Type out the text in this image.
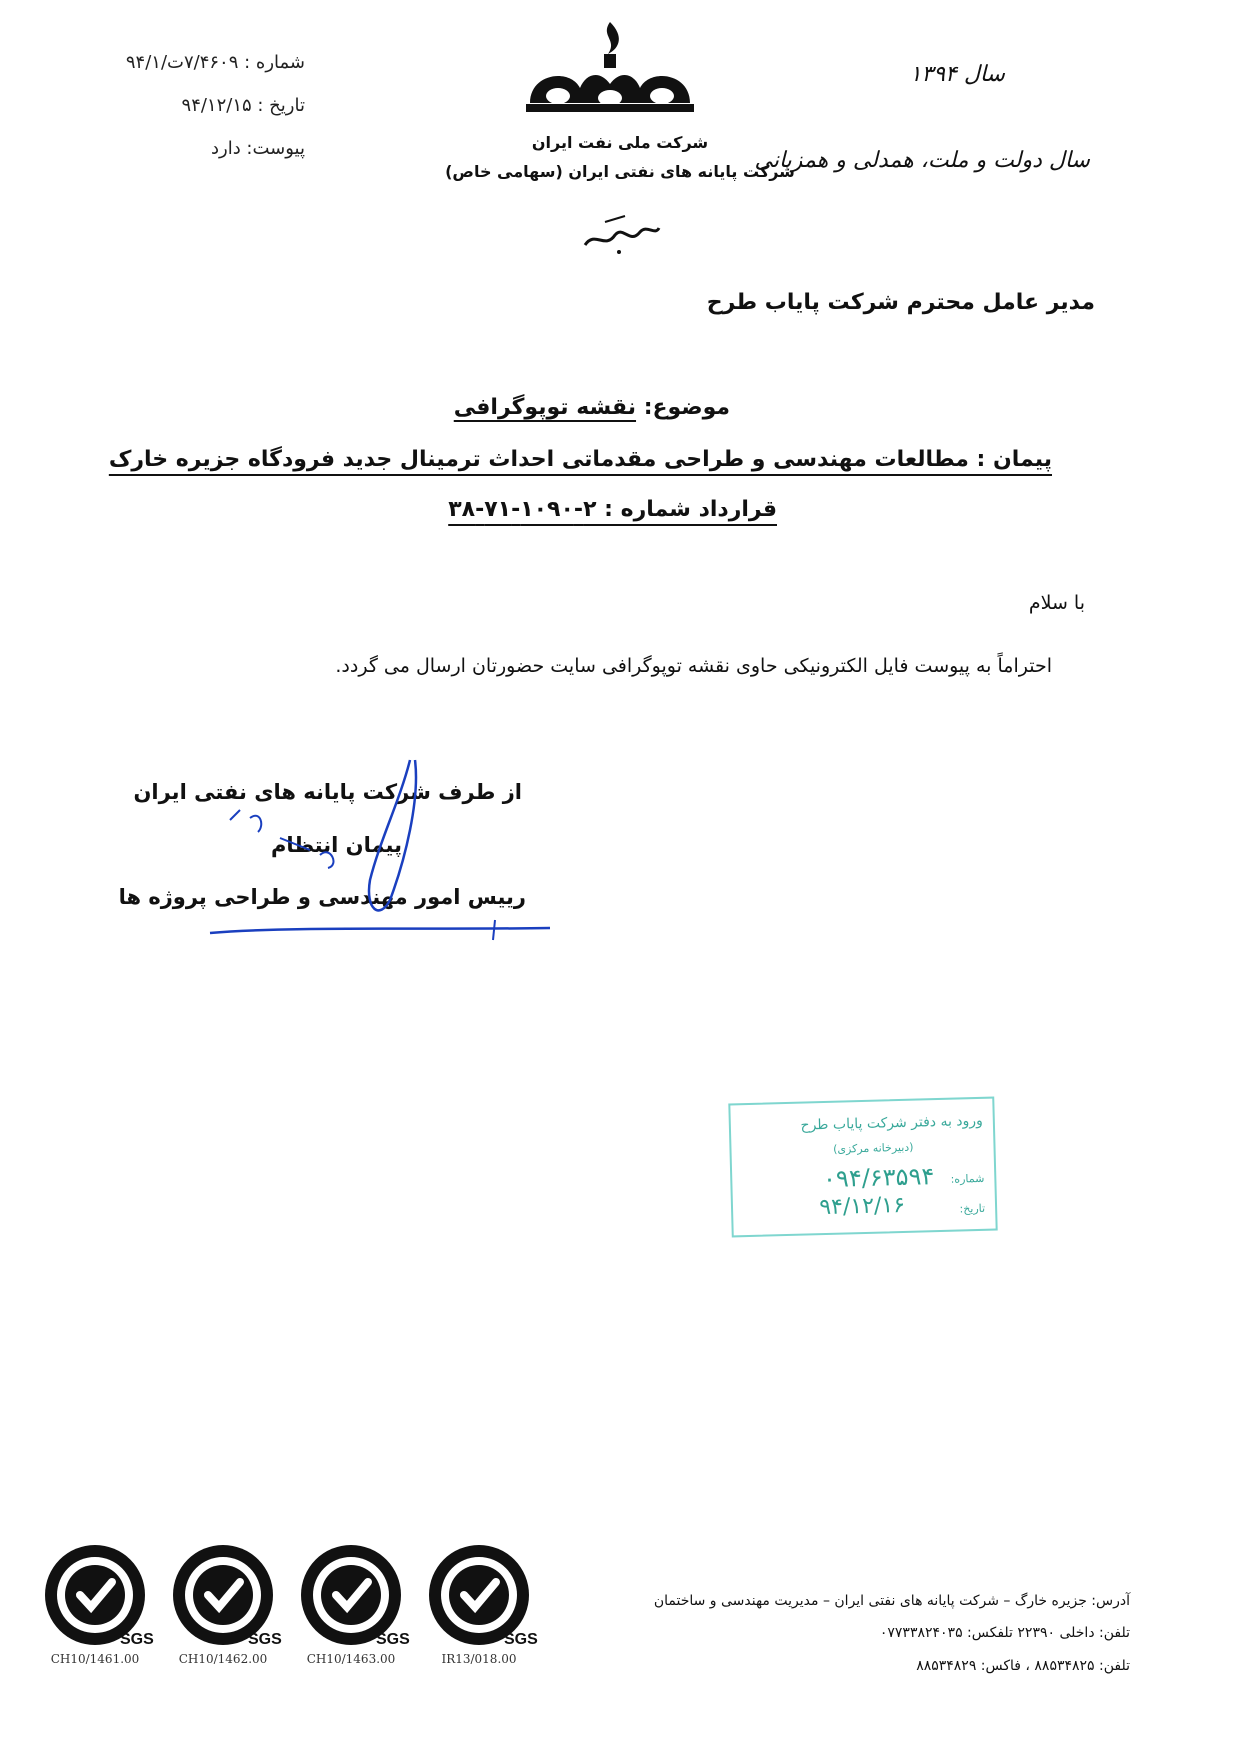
شماره : ۷/۴۶۰۹ت/۹۴/۱
تاریخ : ۹۴/۱۲/۱۵
پیوست: دارد	شرکت ملی نفت ایران
شرکت پایانه های نفتی ایران (سهامی خاص)
سال ۱۳۹۴
سال دولت و ملت، همدلی و همزبانی
مدیر عامل محترم شرکت پایاب طرح
موضوع: نقشه توپوگرافی
پیمان : مطالعات مهندسی و طراحی مقدماتی احداث ترمینال جدید فرودگاه جزیره خارک
قرارداد شماره : ۲-۱۰۹۰-۷۱-۳۸
با سلام
احتراماً به پیوست فایل الکترونیکی حاوی نقشه توپوگرافی سایت حضورتان ارسال می گردد.
از طرف شرکت پایانه های نفتی ایران
پیمان انتظام
رییس امور مهندسی و طراحی پروژه ها
ورود به دفتر شرکت پایاب طرح
(دبیرخانه مرکزی)
شماره:
۰۹۴/۶۳۵۹۴
تاریخ:
۹۴/۱۲/۱۶
SGS
CH10/1461.00
SGS
CH10/1462.00
SGS
CH10/1463.00
SGS
IR13/018.00
آدرس: جزیره خارگ – شرکت پایانه های نفتی ایران – مدیریت مهندسی و ساختمان
تلفن: داخلی ۲۲۳۹۰ تلفکس: ۰۷۷۳۳۸۲۴۰۳۵
تلفن: ۸۸۵۳۴۸۲۵ ، فاکس: ۸۸۵۳۴۸۲۹
